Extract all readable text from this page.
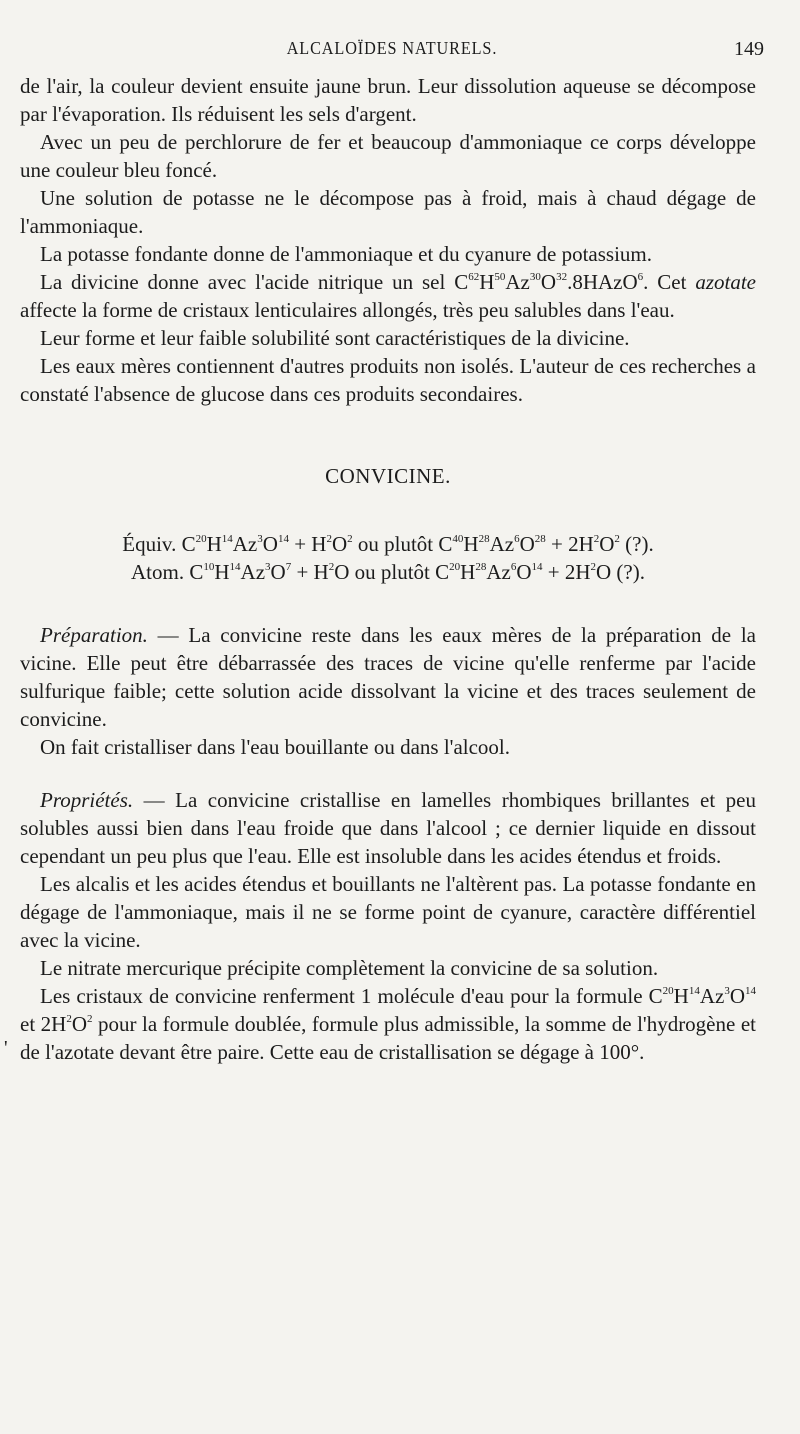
ALCALOÏDES NATURELS.	149

de l'air, la couleur devient ensuite jaune brun. Leur dissolution aqueuse se décompose par l'évaporation. Ils réduisent les sels d'argent.

Avec un peu de perchlorure de fer et beaucoup d'ammoniaque ce corps développe une couleur bleu foncé.

Une solution de potasse ne le décompose pas à froid, mais à chaud dégage de l'ammoniaque.

La potasse fondante donne de l'ammoniaque et du cyanure de potassium.

La divicine donne avec l'acide nitrique un sel $C^{62}H^{50}Az^{30}O^{32}.8HAzO^6$. Cet azotate affecte la forme de cristaux lenticulaires allongés, très peu salubles dans l'eau.

Leur forme et leur faible solubilité sont caractéristiques de la divicine.

Les eaux mères contiennent d'autres produits non isolés. L'auteur de ces recherches a constaté l'absence de glucose dans ces produits secondaires.

CONVICINE.
Équiv. $C^{20}H^{14}Az^3O^{14} + H^2O^2$ ou plutôt $C^{40}H^{28}Az^6O^{28} + 2H^2O^2$ (?).
Atom. $C^{10}H^{14}Az^3O^7 + H^2O$ ou plutôt $C^{20}H^{28}Az^6O^{14} + 2H^2O$ (?).

Préparation. — La convicine reste dans les eaux mères de la préparation de la vicine. Elle peut être débarrassée des traces de vicine qu'elle renferme par l'acide sulfurique faible; cette solution acide dissolvant la vicine et des traces seulement de convicine.

On fait cristalliser dans l'eau bouillante ou dans l'alcool.

Propriétés. — La convicine cristallise en lamelles rhombiques brillantes et peu solubles aussi bien dans l'eau froide que dans l'alcool ; ce dernier liquide en dissout cependant un peu plus que l'eau. Elle est insoluble dans les acides étendus et froids.

Les alcalis et les acides étendus et bouillants ne l'altèrent pas. La potasse fondante en dégage de l'ammoniaque, mais il ne se forme point de cyanure, caractère différentiel avec la vicine.

Le nitrate mercurique précipite complètement la convicine de sa solution.

Les cristaux de convicine renferment 1 molécule d'eau pour la formule $C^{20}H^{14}Az^3O^{14}$ et $2H^2O^2$ pour la formule doublée, formule plus admissible, la somme de l'hydrogène et de l'azotate devant être paire. Cette eau de cristallisation se dégage à 100°.

'
